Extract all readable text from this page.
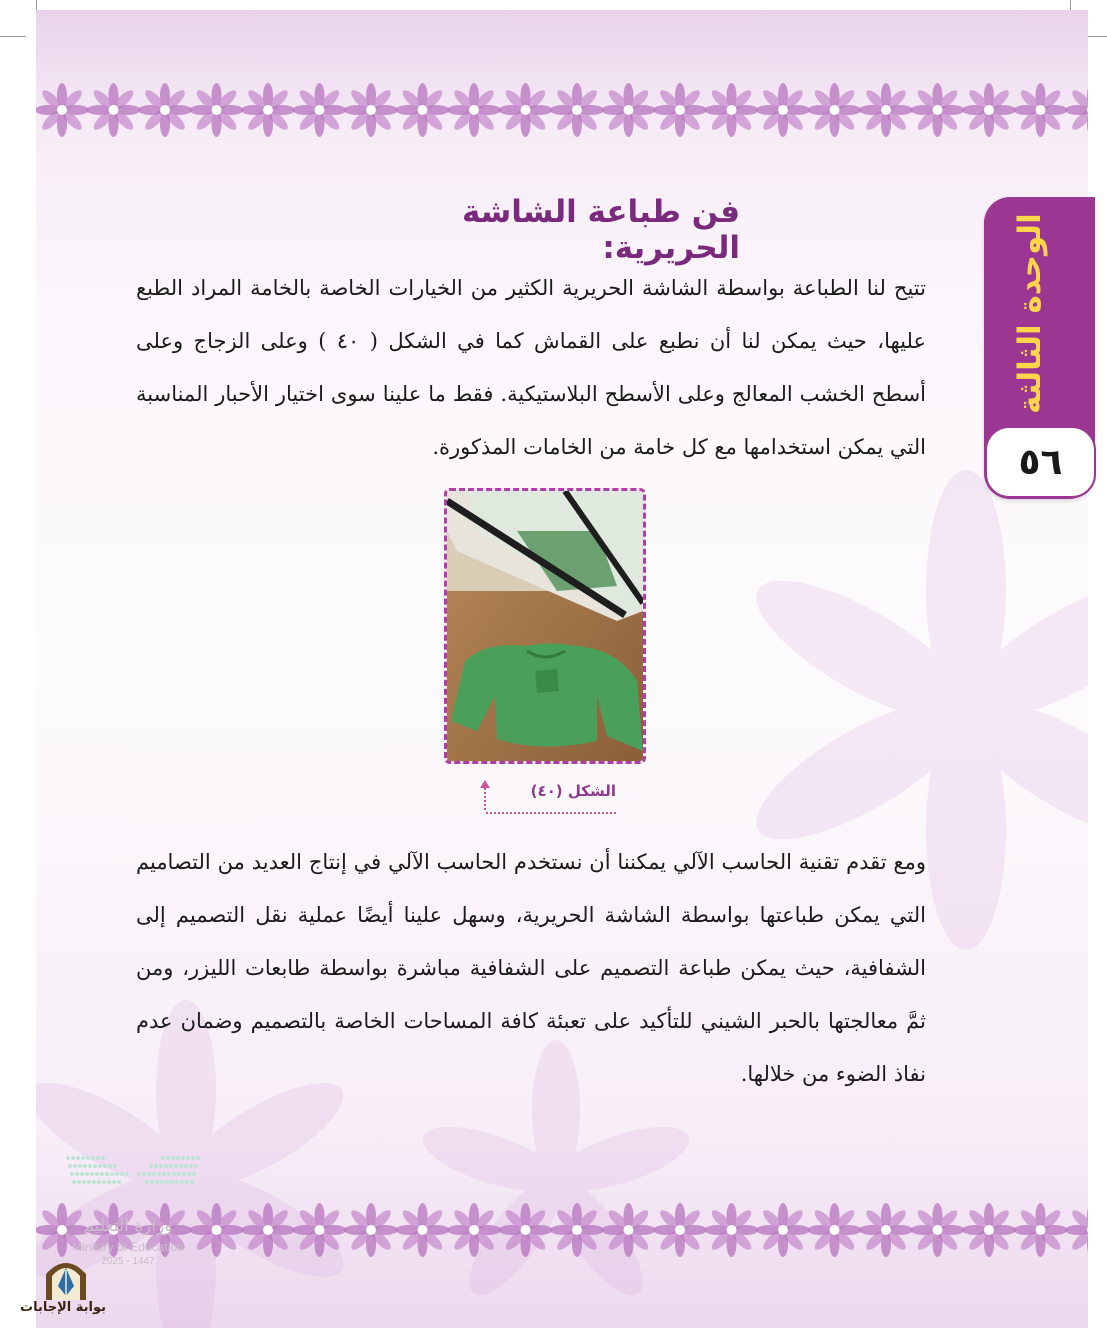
الوحدة الثالثة
٥٦
فن طباعة الشاشة الحريرية:
تتيح لنا الطباعة بواسطة الشاشة الحريرية الكثير من الخيارات الخاصة بالخامة المراد الطبع عليها، حيث يمكن لنا أن نطبع على القماش كما في الشكل ( ٤٠ ) وعلى الزجاج وعلى أسطح الخشب المعالج وعلى الأسطح البلاستيكية. فقط ما علينا سوى اختيار الأحبار المناسبة التي يمكن استخدامها مع كل خامة من الخامات المذكورة.
الشكل (٤٠)
ومع تقدم تقنية الحاسب الآلي يمكننا أن نستخدم الحاسب الآلي في إنتاج العديد من التصاميم التي يمكن طباعتها بواسطة الشاشة الحريرية، وسهل علينا أيضًا عملية نقل التصميم إلى الشفافية، حيث يمكن طباعة التصميم على الشفافية مباشرة بواسطة طابعات الليزر، ومن ثمَّ معالجتها بالحبر الشيني للتأكيد على تعبئة كافة المساحات الخاصة بالتصميم وضمان عدم نفاذ الضوء من خلالها.
وزارة التعليم
Ministry of Education
2025 - 1447
بوابة الإجابات
